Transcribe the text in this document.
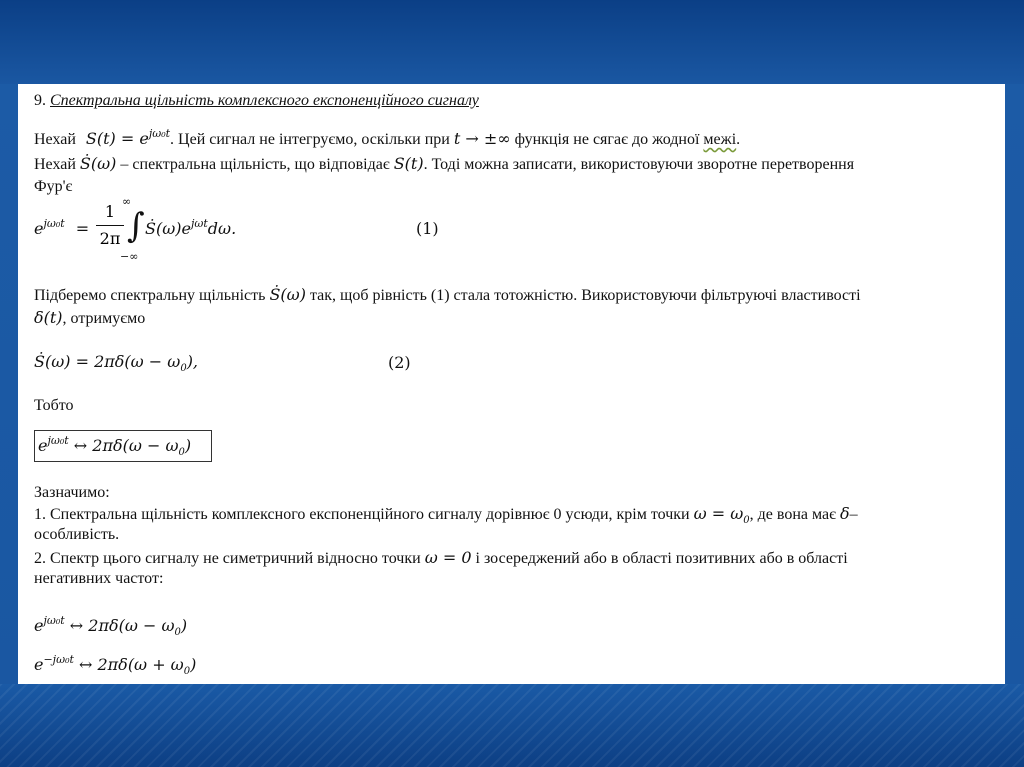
9. Спектральна щільність комплексного експоненційного сигналу
Нехай $S(t) = e^{j\omega_0t}$. Цей сигнал не інтегруємо, оскільки при t → ±∞ функція не сягає до жодної межі.
Нехай Ṡ(ω) – спектральна щільність, що відповідає S(t). Тоді можна записати, використовуючи зворотне перетворення
Фур'є
$e^{j\omega_0t}$ =
1
2π
∞
∫
−∞
$Ṡ(\omega)e^{j\omega t}d\omega$.	(1)
Підберемо спектральну щільність Ṡ(ω) так, щоб рівність (1) стала тотожністю. Використовуючи фільтруючі властивості
δ(t), отримуємо
Ṡ(ω) = $2\pi\delta(\omega - \omega_0)$,	(2)
Тобто
$e^{j\omega_0t}$ ↔ $2\pi\delta(\omega - \omega_0)$
Зазначимо:
1. Спектральна щільність комплексного експоненційного сигналу дорівнює 0 усюди, крім точки $\omega = \omega_0$, де вона має δ–
особливість.
2. Спектр цього сигналу не симетричний відносно точки ω = 0 і зосереджений або в області позитивних або в області
негативних частот:
$e^{j\omega_0t}$ ↔ $2\pi\delta(\omega - \omega_0)$
$e^{-j\omega_0t}$ ↔ $2\pi\delta(\omega + \omega_0)$
